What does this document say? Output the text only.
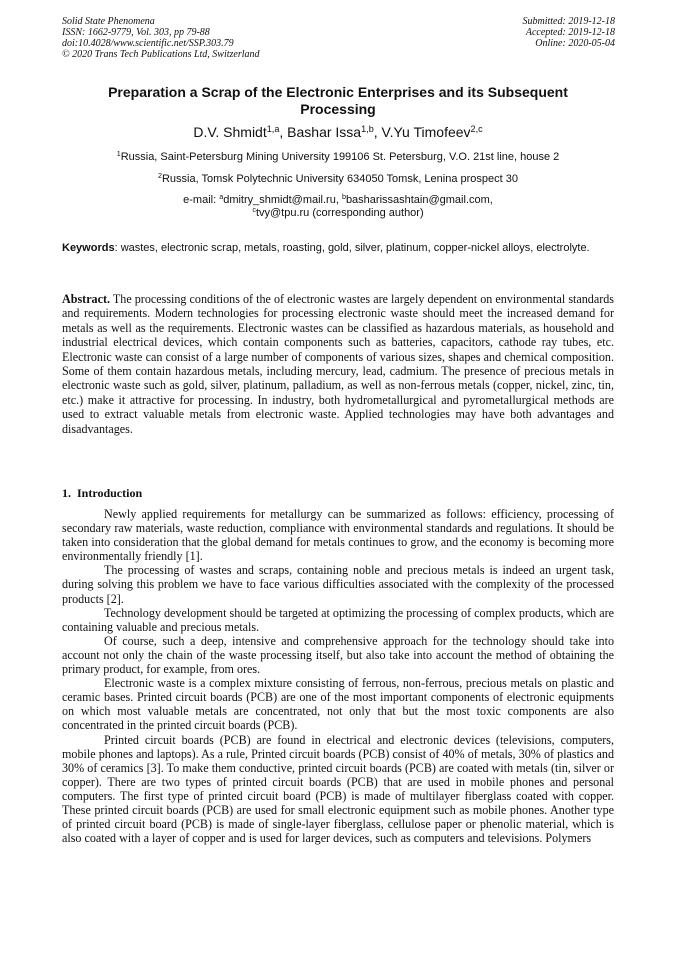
Solid State Phenomena
ISSN: 1662-9779, Vol. 303, pp 79-88
doi:10.4028/www.scientific.net/SSP.303.79
© 2020 Trans Tech Publications Ltd, Switzerland
Submitted: 2019-12-18
Accepted: 2019-12-18
Online: 2020-05-04
Preparation a Scrap of the Electronic Enterprises and its Subsequent
Processing
D.V. Shmidt$^{1,a}$, Bashar Issa$^{1,b}$, V.Yu Timofeev$^{2,c}$
$^1$Russia, Saint-Petersburg Mining University 199106 St. Petersburg, V.O. 21st line, house 2
$^2$Russia, Tomsk Polytechnic University 634050 Tomsk, Lenina prospect 30
e-mail: $^a$dmitry_shmidt@mail.ru, $^b$basharissashtain@gmail.com,
$^c$tvy@tpu.ru (corresponding author)
Keywords: wastes, electronic scrap, metals, roasting, gold, silver, platinum, copper-nickel alloys, electrolyte.
Abstract. The processing conditions of the of electronic wastes are largely dependent on environmental standards and requirements. Modern technologies for processing electronic waste should meet the increased demand for metals as well as the requirements. Electronic wastes can be classified as hazardous materials, as household and industrial electrical devices, which contain components such as batteries, capacitors, cathode ray tubes, etc. Electronic waste can consist of a large number of components of various sizes, shapes and chemical composition. Some of them contain hazardous metals, including mercury, lead, cadmium. The presence of precious metals in electronic waste such as gold, silver, platinum, palladium, as well as non-ferrous metals (copper, nickel, zinc, tin, etc.) make it attractive for processing. In industry, both hydrometallurgical and pyrometallurgical methods are used to extract valuable metals from electronic waste. Applied technologies may have both advantages and disadvantages.
1. Introduction

Newly applied requirements for metallurgy can be summarized as follows: efficiency, processing of secondary raw materials, waste reduction, compliance with environmental standards and regulations. It should be taken into consideration that the global demand for metals continues to grow, and the economy is becoming more environmentally friendly [1].

The processing of wastes and scraps, containing noble and precious metals is indeed an urgent task, during solving this problem we have to face various difficulties associated with the complexity of the processed products [2].

Technology development should be targeted at optimizing the processing of complex products, which are containing valuable and precious metals.

Of course, such a deep, intensive and comprehensive approach for the technology should take into account not only the chain of the waste processing itself, but also take into account the method of obtaining the primary product, for example, from ores.

Electronic waste is a complex mixture consisting of ferrous, non-ferrous, precious metals on plastic and ceramic bases. Printed circuit boards (PCB) are one of the most important components of electronic equipments on which most valuable metals are concentrated, not only that but the most toxic components are also concentrated in the printed circuit boards (PCB).

Printed circuit boards (PCB) are found in electrical and electronic devices (televisions, computers, mobile phones and laptops). As a rule, Printed circuit boards (PCB) consist of 40% of metals, 30% of plastics and 30% of ceramics [3]. To make them conductive, printed circuit boards (PCB) are coated with metals (tin, silver or copper). There are two types of printed circuit boards (PCB) that are used in mobile phones and personal computers. The first type of printed circuit board (PCB) is made of multilayer fiberglass coated with copper. These printed circuit boards (PCB) are used for small electronic equipment such as mobile phones. Another type of printed circuit board (PCB) is made of single-layer fiberglass, cellulose paper or phenolic material, which is also coated with a layer of copper and is used for larger devices, such as computers and televisions. Polymers
